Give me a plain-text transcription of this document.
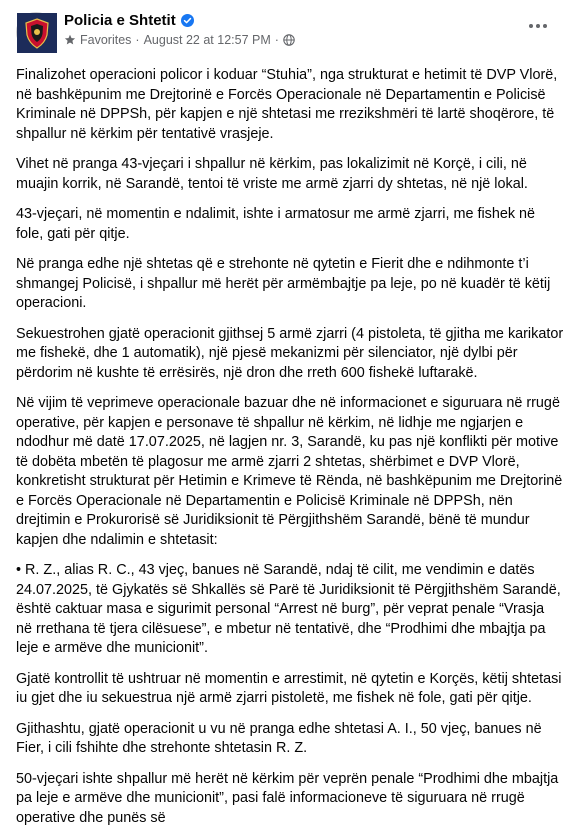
Policia e Shtetit
Favorites · August 22 at 12:57 PM ·

Finalizohet operacioni policor i koduar “Stuhia”, nga strukturat e hetimit të DVP Vlorë, në bashkëpunim me Drejtorinë e Forcës Operacionale në Departamentin e Policisë Kriminale në DPPSh, për kapjen e një shtetasi me rrezikshmëri të lartë shoqërore, të shpallur në kërkim për tentativë vrasjeje.

Vihet në pranga 43-vjeçari i shpallur në kërkim, pas lokalizimit në Korçë, i cili, në muajin korrik, në Sarandë, tentoi të vriste me armë zjarri dy shtetas, në një lokal.

43-vjeçari, në momentin e ndalimit, ishte i armatosur me armë zjarri, me fishek në fole, gati për qitje.

Në pranga edhe një shtetas që e strehonte në qytetin e Fierit dhe e ndihmonte t’i shmangej Policisë, i shpallur më herët për armëmbajtje pa leje, po në kuadër të këtij operacioni.

Sekuestrohen gjatë operacionit gjithsej 5 armë zjarri (4 pistoleta, të gjitha me karikator me fishekë, dhe 1 automatik), një pjesë mekanizmi për silenciator, një dylbi për përdorim në kushte të errësirës, një dron dhe rreth 600 fishekë luftarakë.

Në vijim të veprimeve operacionale bazuar dhe në informacionet e siguruara në rrugë operative, për kapjen e personave të shpallur në kërkim, në lidhje me ngjarjen e ndodhur më datë 17.07.2025, në lagjen nr. 3, Sarandë, ku pas një konflikti për motive të dobëta mbetën të plagosur me armë zjarri 2 shtetas, shërbimet e DVP Vlorë, konkretisht strukturat për Hetimin e Krimeve të Rënda, në bashkëpunim me Drejtorinë e Forcës Operacionale në Departamentin e Policisë Kriminale në DPPSh, nën drejtimin e Prokurorisë së Juridiksionit të Përgjithshëm Sarandë, bënë të mundur kapjen dhe ndalimin e shtetasit:

• R. Z., alias R. C., 43 vjeç, banues në Sarandë, ndaj të cilit, me vendimin e datës 24.07.2025, të Gjykatës së Shkallës së Parë të Juridiksionit të Përgjithshëm Sarandë, është caktuar masa e sigurimit personal “Arrest në burg”, për veprat penale “Vrasja në rrethana të tjera cilësuese”, e mbetur në tentativë, dhe “Prodhimi dhe mbajtja pa leje e armëve dhe municionit”.

Gjatë kontrollit të ushtruar në momentin e arrestimit, në qytetin e Korçës, këtij shtetasi iu gjet dhe iu sekuestrua një armë zjarri pistoletë, me fishek në fole, gati për qitje.

Gjithashtu, gjatë operacionit u vu në pranga edhe shtetasi A. I., 50 vjeç, banues në Fier, i cili fshihte dhe strehonte shtetasin R. Z.

50-vjeçari ishte shpallur më herët në kërkim për veprën penale “Prodhimi dhe mbajtja pa leje e armëve dhe municionit”, pasi falë informacioneve të siguruara në rrugë operative dhe punës së
